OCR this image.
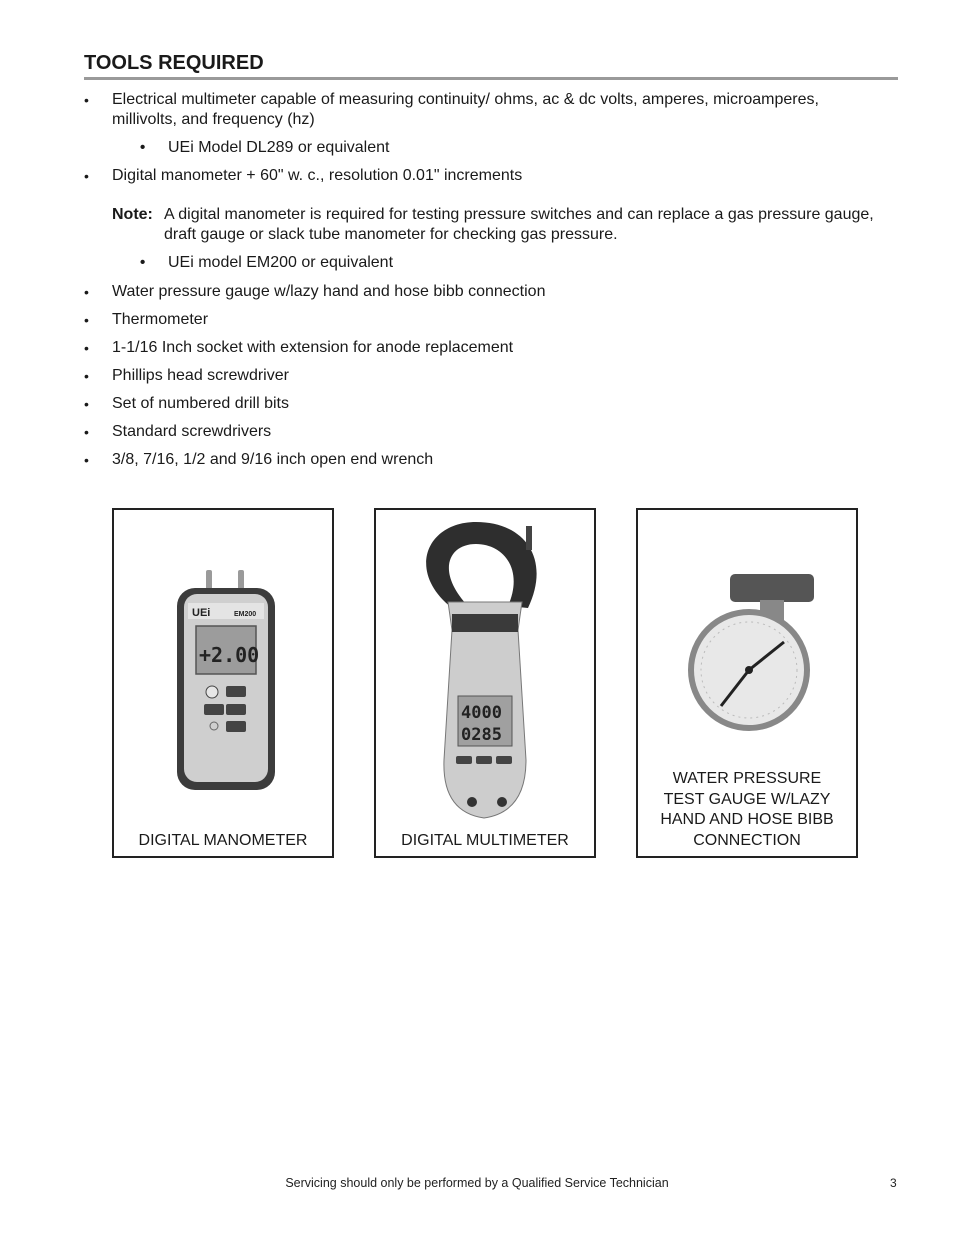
TOOLS REQUIRED
•	Electrical multimeter capable of measuring continuity/ ohms, ac & dc volts, amperes, microamperes, millivolts, and frequency (hz)
•	UEi Model DL289 or equivalent
•	Digital manometer + 60" w. c., resolution 0.01" increments
Note: A digital manometer is required for testing pressure switches and can replace a gas pressure gauge, draft gauge or slack tube manometer for checking gas pressure.
•	UEi model EM200 or equivalent
•	Water pressure gauge w/lazy hand and hose bibb connection
•	Thermometer
•	1-1/16 Inch socket with extension for anode replacement
•	Phillips head screwdriver
•	Set of numbered drill bits
•	Standard screwdrivers
•	3/8, 7/16, 1/2 and 9/16 inch open end wrench
UEi	EM200
+2.00
DIGITAL MANOMETER
4000
0285
DIGITAL MULTIMETER
WATER PRESSURE
TEST GAUGE W/LAZY
HAND AND HOSE BIBB
CONNECTION
Servicing should only be performed by a Qualified Service Technician	3
